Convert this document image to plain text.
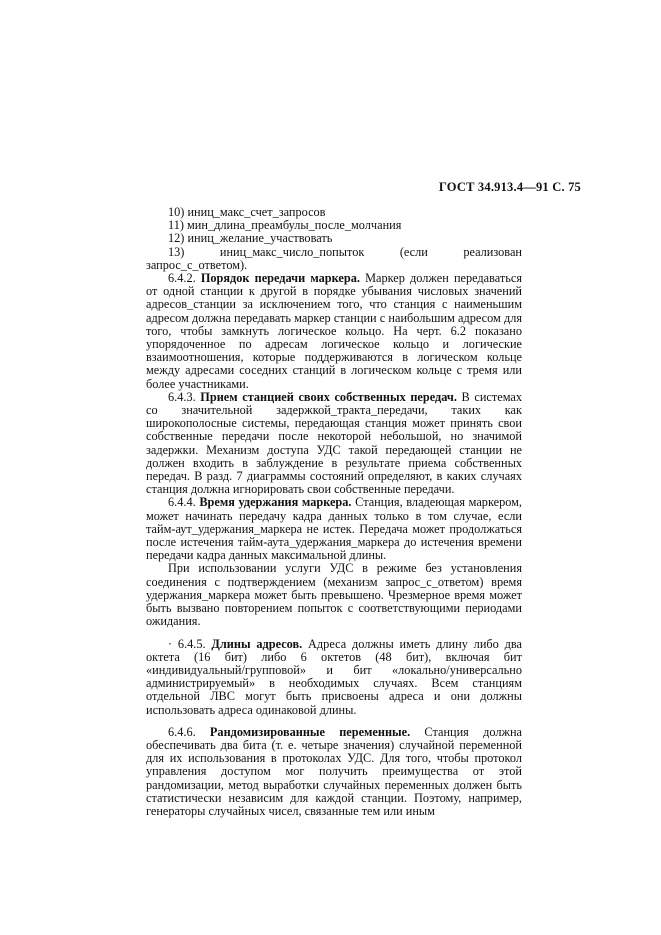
ГОСТ 34.913.4—91 С. 75
10) иниц_макс_счет_запросов
11) мин_длина_преамбулы_после_молчания
12) иниц_желание_участвовать
13) иниц_макс_число_попыток (если реализован запрос_с_ответом).

6.4.2. Порядок передачи маркера. Маркер должен передаваться от одной станции к другой в порядке убывания числовых значений адресов_станции за исключением того, что станция с наименьшим адресом должна передавать маркер станции с наибольшим адресом для того, чтобы замкнуть логическое кольцо. На черт. 6.2 показано упорядоченное по адресам логическое кольцо и логические взаимоотношения, которые поддерживаются в логическом кольце между адресами соседних станций в логическом кольце с тремя или более участниками.

6.4.3. Прием станцией своих собственных передач. В системах со значительной задержкой_тракта_передачи, таких как широкополосные системы, передающая станция может принять свои собственные передачи после некоторой небольшой, но значимой задержки. Механизм доступа УДС такой передающей станции не должен входить в заблуждение в результате приема собственных передач. В разд. 7 диаграммы состояний определяют, в каких случаях станция должна игнорировать свои собственные передачи.

6.4.4. Время удержания маркера. Станция, владеющая маркером, может начинать передачу кадра данных только в том случае, если тайм-аут_удержания_маркера не истек. Передача может продолжаться после истечения тайм-аута_удержания_маркера до истечения времени передачи кадра данных максимальной длины.

При использовании услуги УДС в режиме без установления соединения с подтверждением (механизм запрос_с_ответом) время удержания_маркера может быть превышено. Чрезмерное время может быть вызвано повторением попыток с соответствующими периодами ожидания.

· 6.4.5. Длины адресов. Адреса должны иметь длину либо два октета (16 бит) либо 6 октетов (48 бит), включая бит «индивидуальный/групповой» и бит «локально/универсально администрируемый» в необходимых случаях. Всем станциям отдельной ЛВС могут быть присвоены адреса и они должны использовать адреса одинаковой длины.

6.4.6. Рандомизированные переменные. Станция должна обеспечивать два бита (т. е. четыре значения) случайной переменной для их использования в протоколах УДС. Для того, чтобы протокол управления доступом мог получить преимущества от этой рандомизации, метод выработки случайных переменных должен быть статистически независим для каждой станции. Поэтому, например, генераторы случайных чисел, связанные тем или иным
